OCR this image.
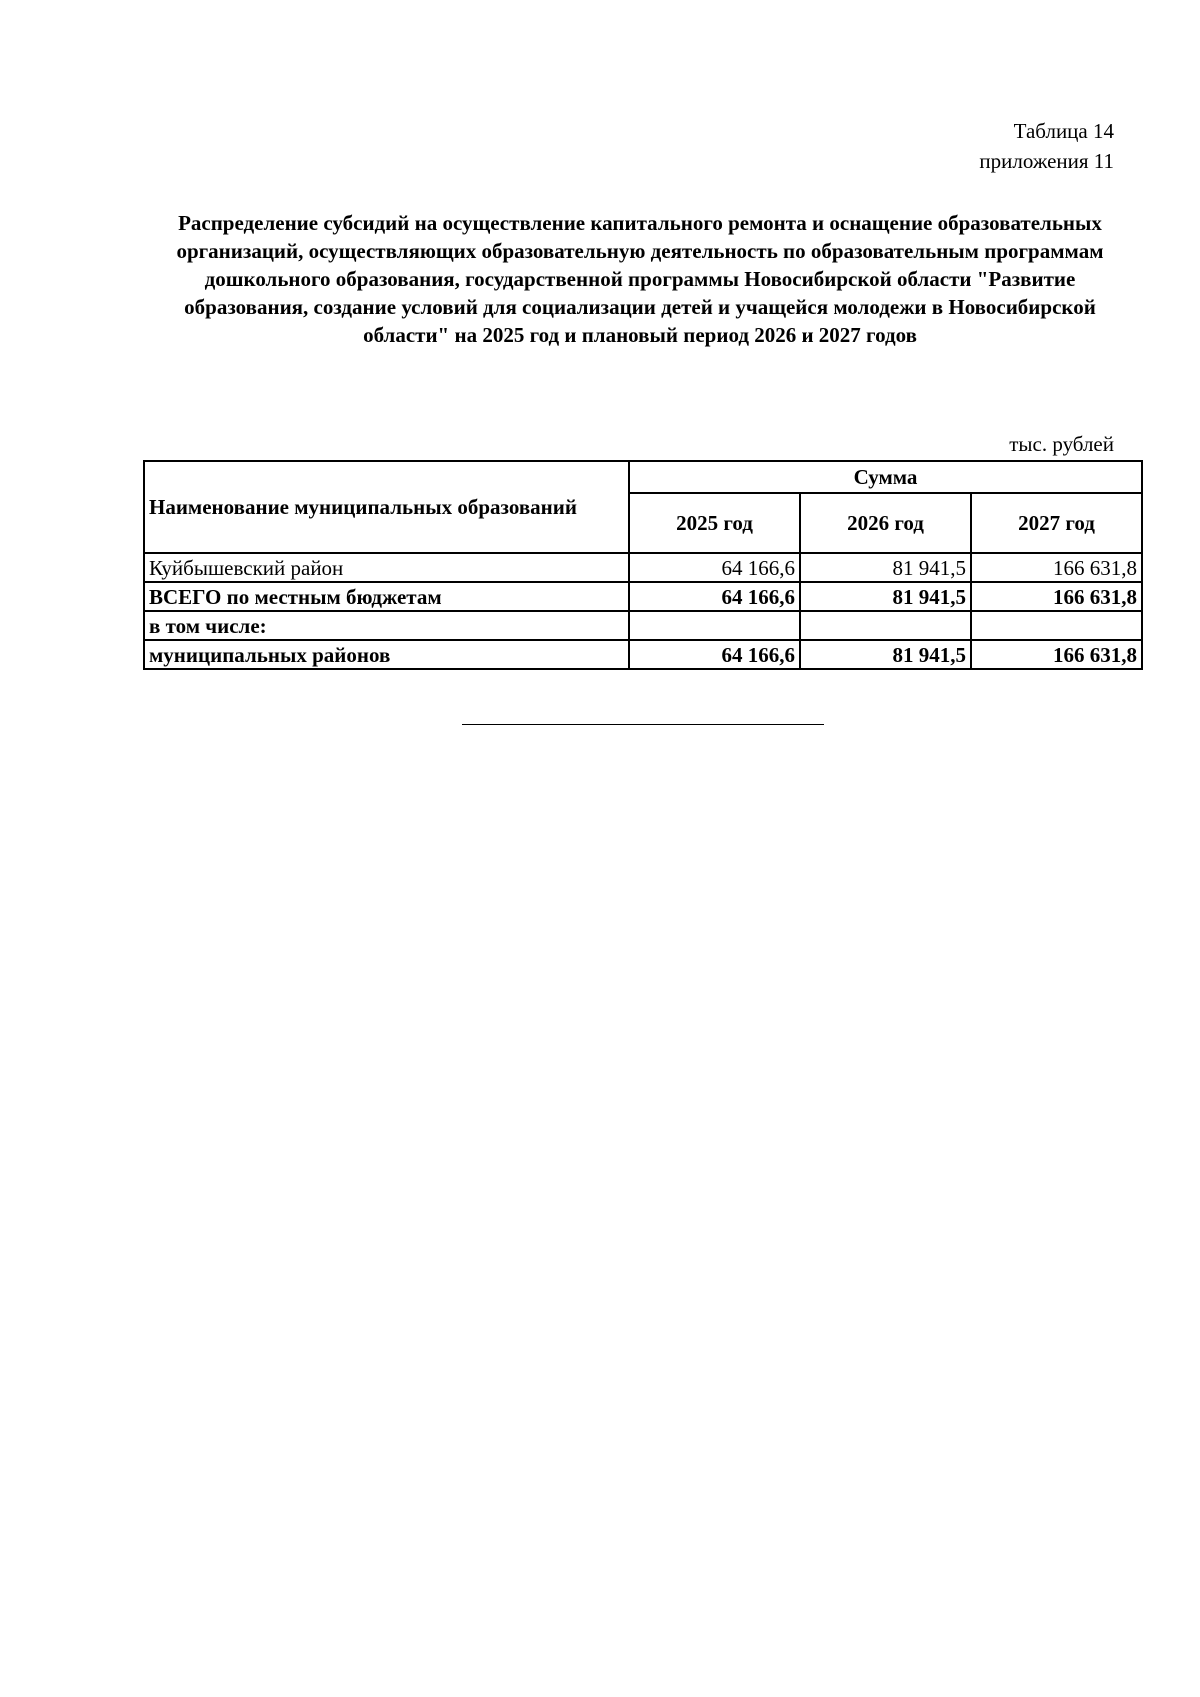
Таблица 14
приложения 11
Распределение субсидий на осуществление капитального ремонта и оснащение образовательных организаций, осуществляющих образовательную деятельность по образовательным программам дошкольного образования, государственной программы Новосибирской области "Развитие образования, создание условий для социализации детей и учащейся молодежи в Новосибирской области" на 2025 год и плановый период 2026 и 2027 годов
тыс. рублей
Наименование муниципальных образований	Сумма		
	2025 год	2026 год	2027 год
Куйбышевский район	64 166,6	81 941,5	166 631,8
ВСЕГО по местным бюджетам	64 166,6	81 941,5	166 631,8
в том числе:			
муниципальных районов	64 166,6	81 941,5	166 631,8
